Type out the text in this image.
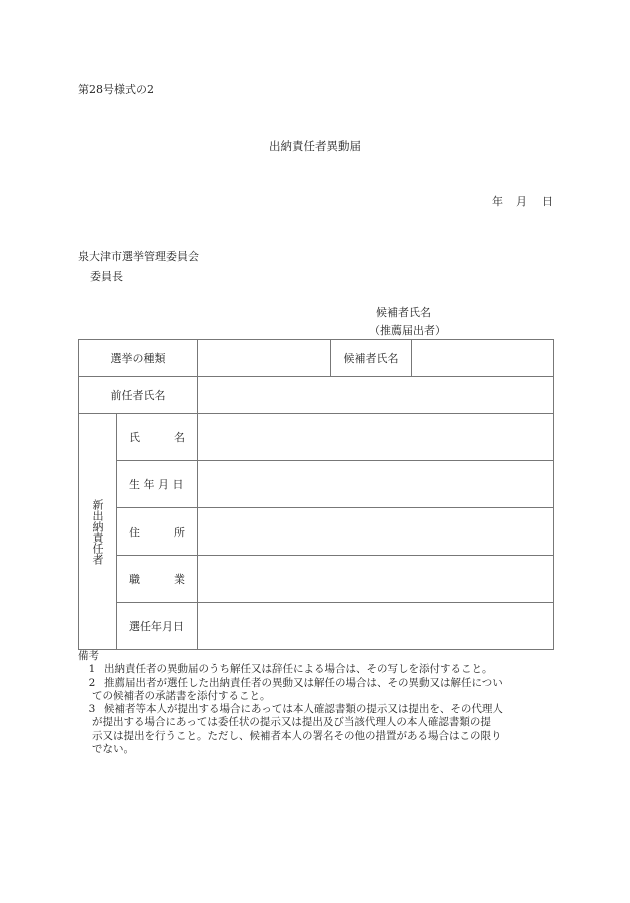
第28号様式の2
出納責任者異動届
年 月 日
泉大津市選挙管理委員会
委員長
候補者氏名
（推薦届出者）
選挙の種類			候補者氏名	
前任者氏名				

新出納責任者	氏 名			

	生 年 月 日			

	住 所			

	職 業			

	選任年月日			
備考
1 出納責任者の異動届のうち解任又は辞任による場合は、その写しを添付すること。
2 推薦届出者が選任した出納責任者の異動又は解任の場合は、その異動又は解任につい
ての候補者の承諾書を添付すること。
3 候補者等本人が提出する場合にあっては本人確認書類の提示又は提出を、その代理人
が提出する場合にあっては委任状の提示又は提出及び当該代理人の本人確認書類の提
示又は提出を行うこと。ただし、候補者本人の署名その他の措置がある場合はこの限り
でない。
